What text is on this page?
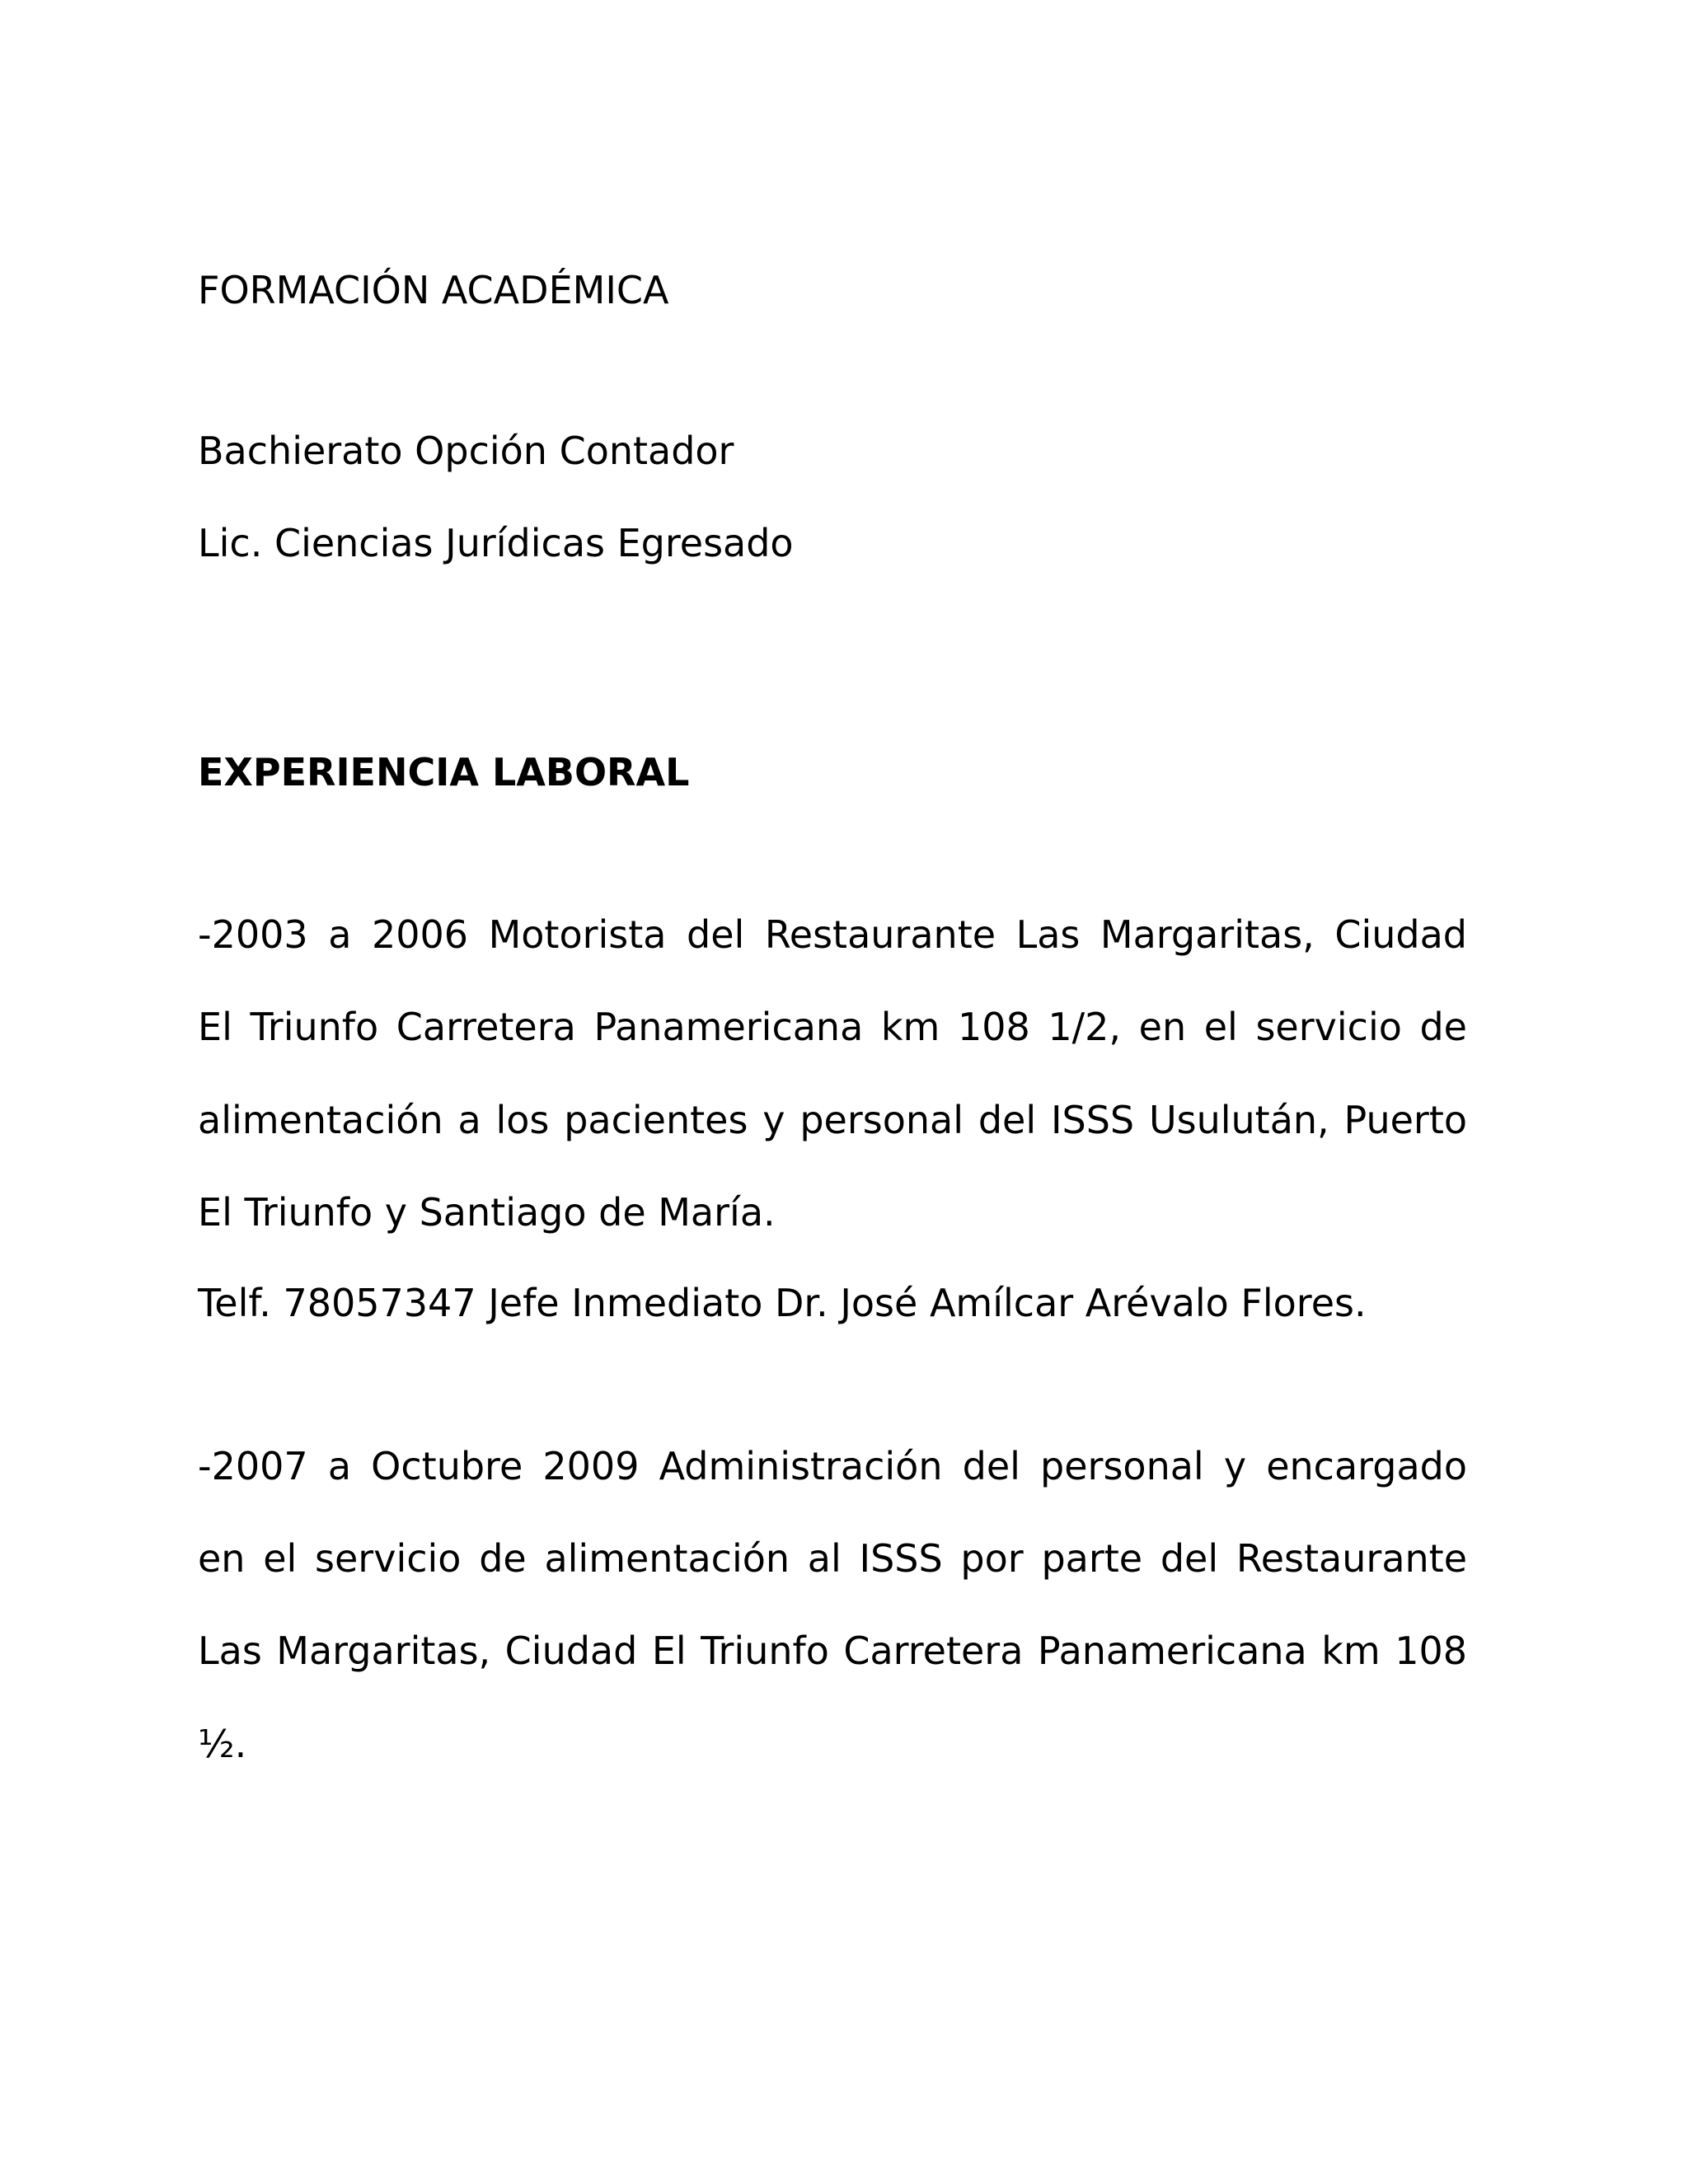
FORMACIÓN ACADÉMICA

Bachierato Opción Contador

Lic. Ciencias Jurídicas Egresado

EXPERIENCIA LABORAL

-2003 a 2006 Motorista del Restaurante Las Margaritas, Ciudad

El Triunfo Carretera Panamericana km 108 1/2, en el servicio de

alimentación a los pacientes y personal del ISSS Usulután, Puerto

El Triunfo y Santiago de María.

Telf. 78057347 Jefe Inmediato Dr. José Amílcar Arévalo Flores.

-2007 a Octubre 2009 Administración del personal y encargado

en el servicio de alimentación al ISSS por parte del Restaurante

Las Margaritas, Ciudad El Triunfo Carretera Panamericana km 108

½.
